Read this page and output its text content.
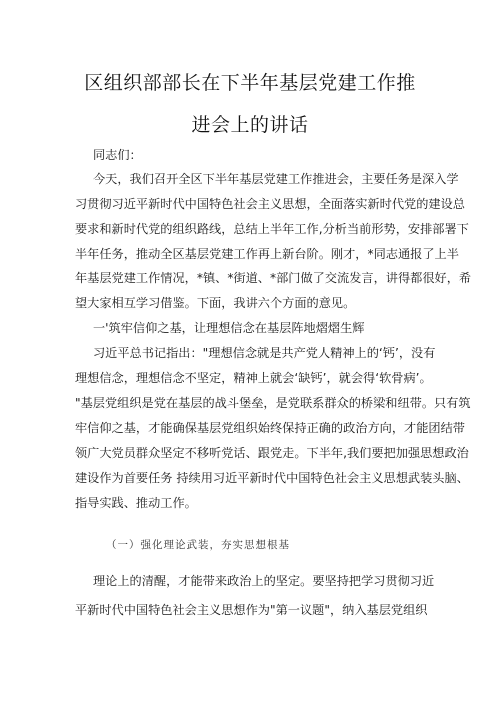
区组织部部长在下半年基层党建工作推
进会上的讲话
同志们：
今天，我们召开全区下半年基层党建工作推进会，主要任务是深入学
习贯彻习近平新时代中国特色社会主义思想，全面落实新时代党的建设总
要求和新时代党的组织路线，总结上半年工作,分析当前形势，安排部署下
半年任务，推动全区基层党建工作再上新台阶。刚才，*同志通报了上半
年基层党建工作情况，*镇、*街道、*部门做了交流发言，讲得都很好，希
望大家相互学习借鉴。下面，我讲六个方面的意见。
一'筑牢信仰之基，让理想信念在基层阵地熠熠生辉
习近平总书记指出："理想信念就是共产党人精神上的‘钙’，没有
理想信念，理想信念不坚定，精神上就会‘缺钙’，就会得‘软骨病’。
"基层党组织是党在基层的战斗堡垒，是党联系群众的桥梁和纽带。只有筑
牢信仰之基，才能确保基层党组织始终保持正确的政治方向，才能团结带
领广大党员群众坚定不移听党话、跟党走。下半年,我们要把加强思想政治
建设作为首要任务 持续用习近平新时代中国特色社会主义思想武装头脑、
指导实践、推动工作。
（一）强化理论武装，夯实思想根基
理论上的清醒，才能带来政治上的坚定。要坚持把学习贯彻习近
平新时代中国特色社会主义思想作为"第一议题"，纳入基层党组织
